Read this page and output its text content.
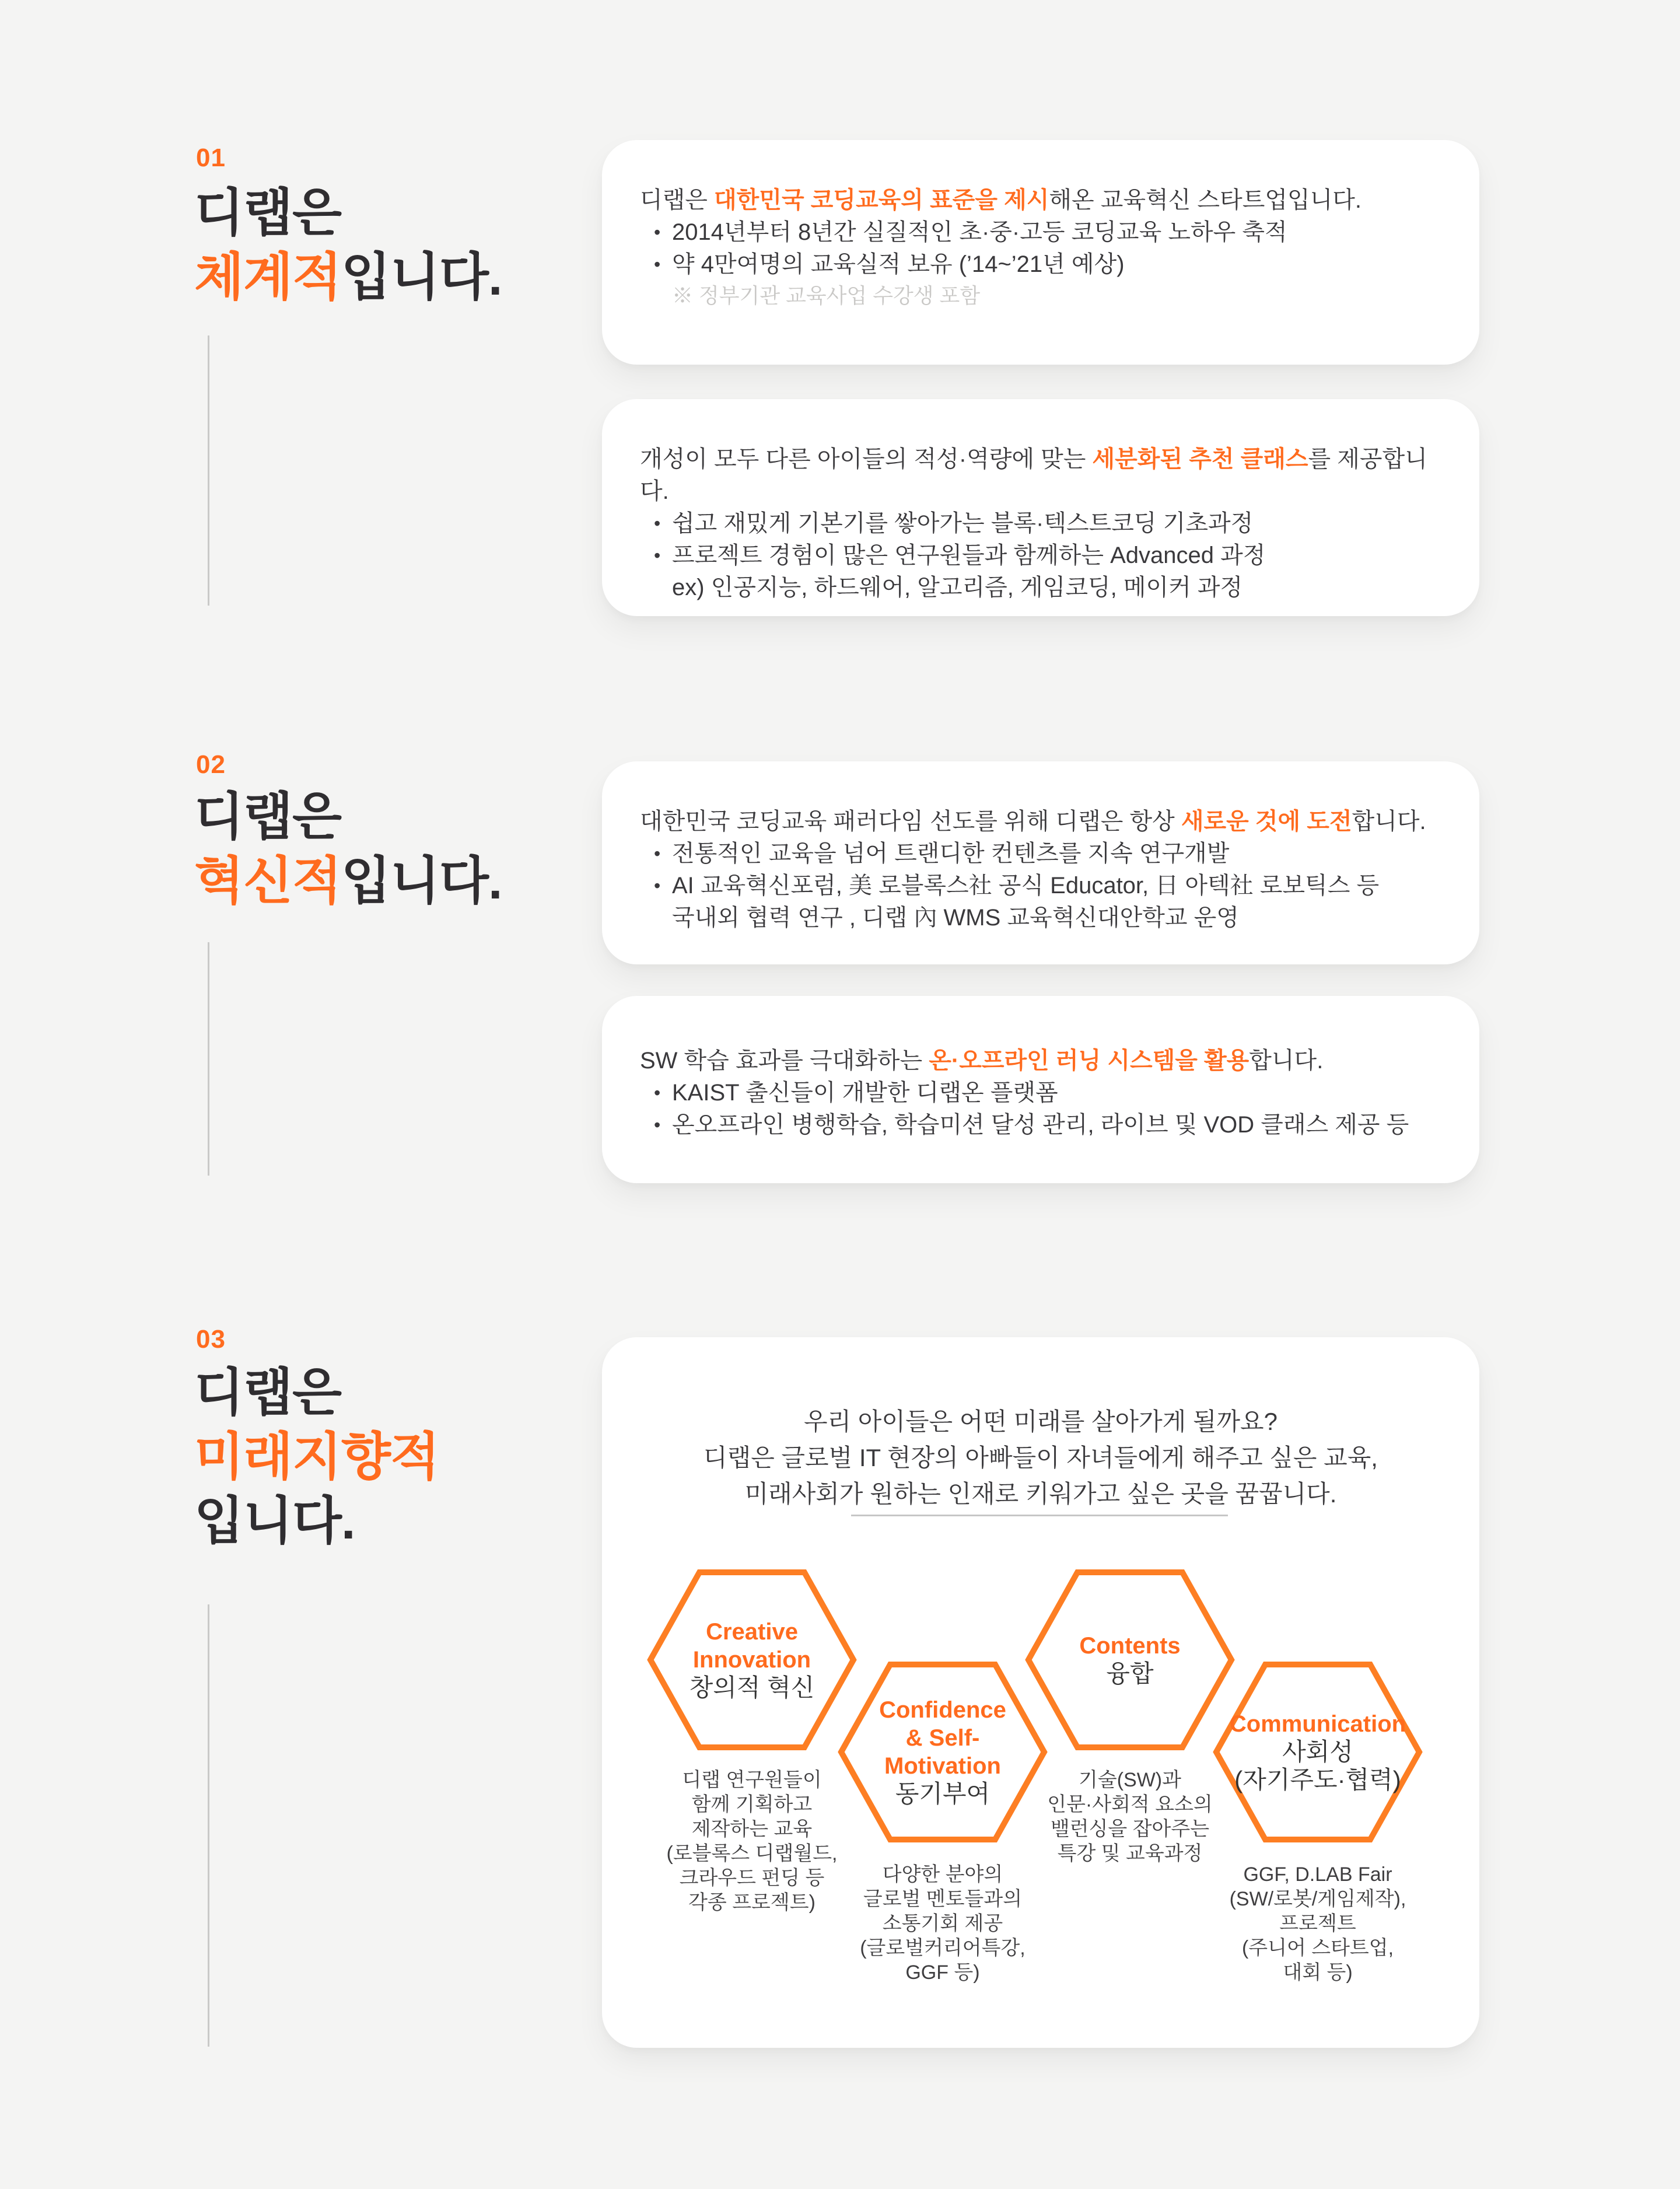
01
디랩은
체계적입니다.
디랩은 대한민국 코딩교육의 표준을 제시해온 교육혁신 스타트업입니다.
• 2014년부터 8년간 실질적인 초·중·고등 코딩교육 노하우 축적
• 약 4만여명의 교육실적 보유 (’14~’21년 예상)
※ 정부기관 교육사업 수강생 포함
개성이 모두 다른 아이들의 적성·역량에 맞는 세분화된 추천 클래스를 제공합니다.
• 쉽고 재밌게 기본기를 쌓아가는 블록·텍스트코딩 기초과정
• 프로젝트 경험이 많은 연구원들과 함께하는 Advanced 과정
ex) 인공지능, 하드웨어, 알고리즘, 게임코딩, 메이커 과정
02
디랩은
혁신적입니다.
대한민국 코딩교육 패러다임 선도를 위해 디랩은 항상 새로운 것에 도전합니다.
• 전통적인 교육을 넘어 트랜디한 컨텐츠를 지속 연구개발
• AI 교육혁신포럼, 美 로블록스社 공식 Educator, 日 아텍社 로보틱스 등
국내외 협력 연구 , 디랩 內 WMS 교육혁신대안학교 운영
SW 학습 효과를 극대화하는 온·오프라인 러닝 시스템을 활용합니다.
• KAIST 출신들이 개발한 디랩온 플랫폼
• 온오프라인 병행학습, 학습미션 달성 관리, 라이브 및 VOD 클래스 제공 등
03
디랩은
미래지향적
입니다.
우리 아이들은 어떤 미래를 살아가게 될까요?
디랩은 글로벌 IT 현장의 아빠들이 자녀들에게 해주고 싶은 교육,
미래사회가 원하는 인재로 키워가고 싶은 곳을 꿈꿉니다.
Creative
Innovation
창의적 혁신
디랩 연구원들이
함께 기획하고
제작하는 교육
(로블록스 디랩월드,
크라우드 펀딩 등
각종 프로젝트)
Confidence
& Self-
Motivation
동기부여
다양한 분야의
글로벌 멘토들과의
소통기회 제공
(글로벌커리어특강,
GGF 등)
Contents
융합
기술(SW)과
인문·사회적 요소의
밸런싱을 잡아주는
특강 및 교육과정
Communication
사회성
(자기주도·협력)
GGF, D.LAB Fair
(SW/로봇/게임제작),
프로젝트
(주니어 스타트업,
대회 등)
